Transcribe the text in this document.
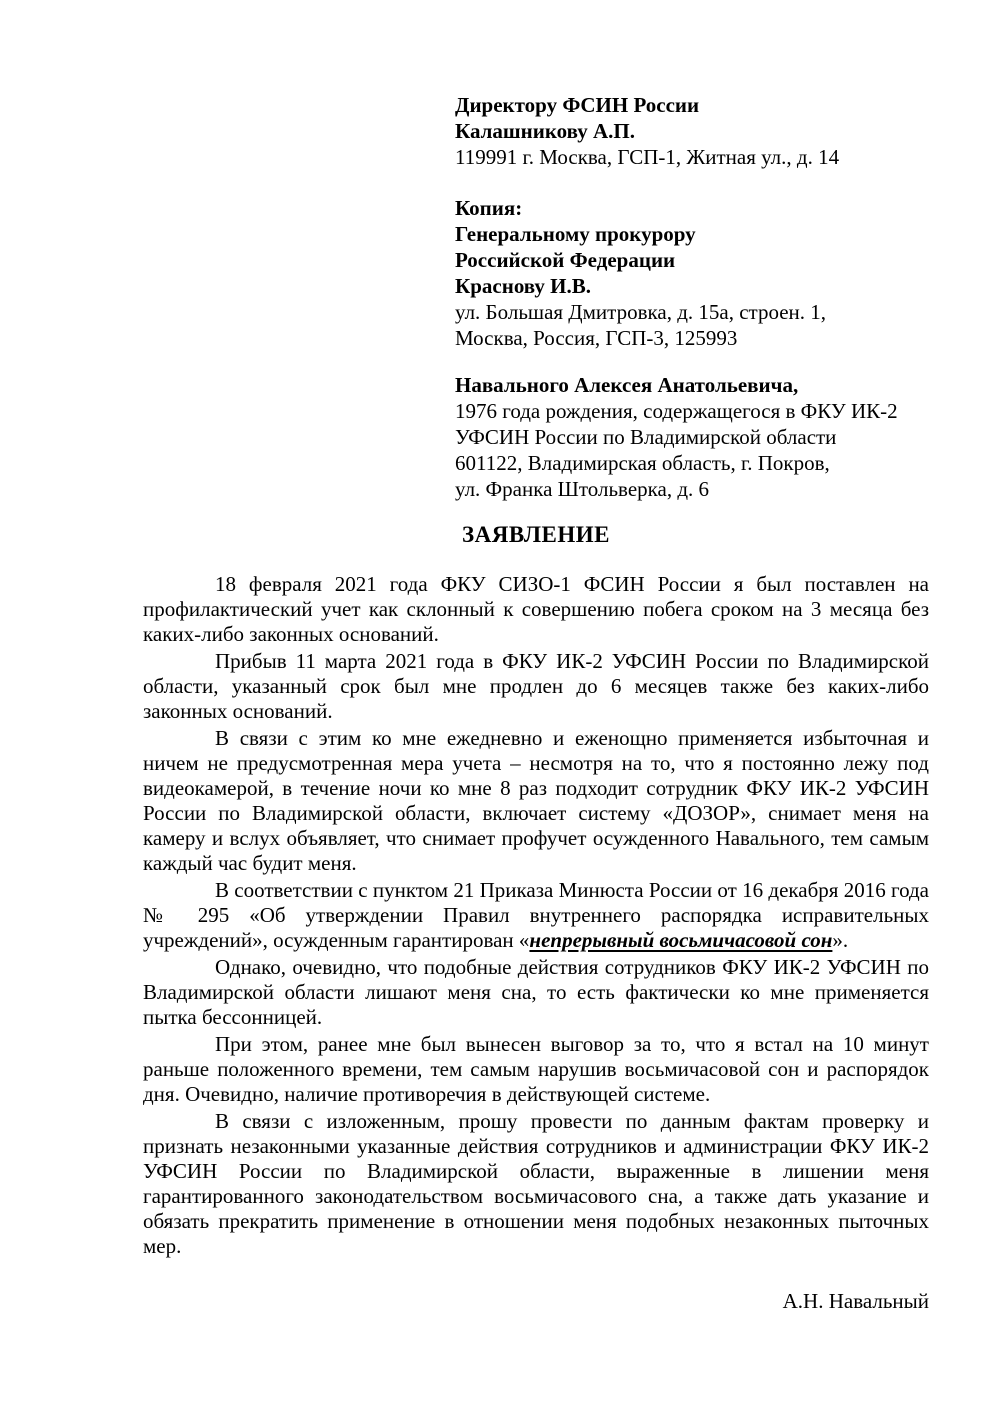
Директору ФСИН России
Калашникову А.П.
119991 г. Москва, ГСП-1, Житная ул., д. 14
Копия:
Генеральному прокурору
Российской Федерации
Краснову И.В.
ул. Большая Дмитровка, д. 15а, строен. 1,
Москва, Россия, ГСП-3, 125993
Навального Алексея Анатольевича,
1976 года рождения, содержащегося в ФКУ ИК-2
УФСИН России по Владимирской области
601122, Владимирская область, г. Покров,
ул. Франка Штольверка, д. 6
ЗАЯВЛЕНИЕ

18 февраля 2021 года ФКУ СИЗО-1 ФСИН России я был поставлен на профилактический учет как склонный к совершению побега сроком на 3 месяца без каких-либо законных оснований.

Прибыв 11 марта 2021 года в ФКУ ИК-2 УФСИН России по Владимирской области, указанный срок был мне продлен до 6 месяцев также без каких-либо законных оснований.

В связи с этим ко мне ежедневно и еженощно применяется избыточная и ничем не предусмотренная мера учета – несмотря на то, что я постоянно лежу под видеокамерой, в течение ночи ко мне 8 раз подходит сотрудник ФКУ ИК-2 УФСИН России по Владимирской области, включает систему «ДОЗОР», снимает меня на камеру и вслух объявляет, что снимает профучет осужденного Навального, тем самым каждый час будит меня.

В соответствии с пунктом 21 Приказа Минюста России от 16 декабря 2016 года № 295 «Об утверждении Правил внутреннего распорядка исправительных учреждений», осужденным гарантирован «непрерывный восьмичасовой сон».

Однако, очевидно, что подобные действия сотрудников ФКУ ИК-2 УФСИН по Владимирской области лишают меня сна, то есть фактически ко мне применяется пытка бессонницей.

При этом, ранее мне был вынесен выговор за то, что я встал на 10 минут раньше положенного времени, тем самым нарушив восьмичасовой сон и распорядок дня. Очевидно, наличие противоречия в действующей системе.

В связи с изложенным, прошу провести по данным фактам проверку и признать незаконными указанные действия сотрудников и администрации ФКУ ИК-2 УФСИН России по Владимирской области, выраженные в лишении меня гарантированного законодательством восьмичасового сна, а также дать указание и обязать прекратить применение в отношении меня подобных незаконных пыточных мер.

А.Н. Навальный
